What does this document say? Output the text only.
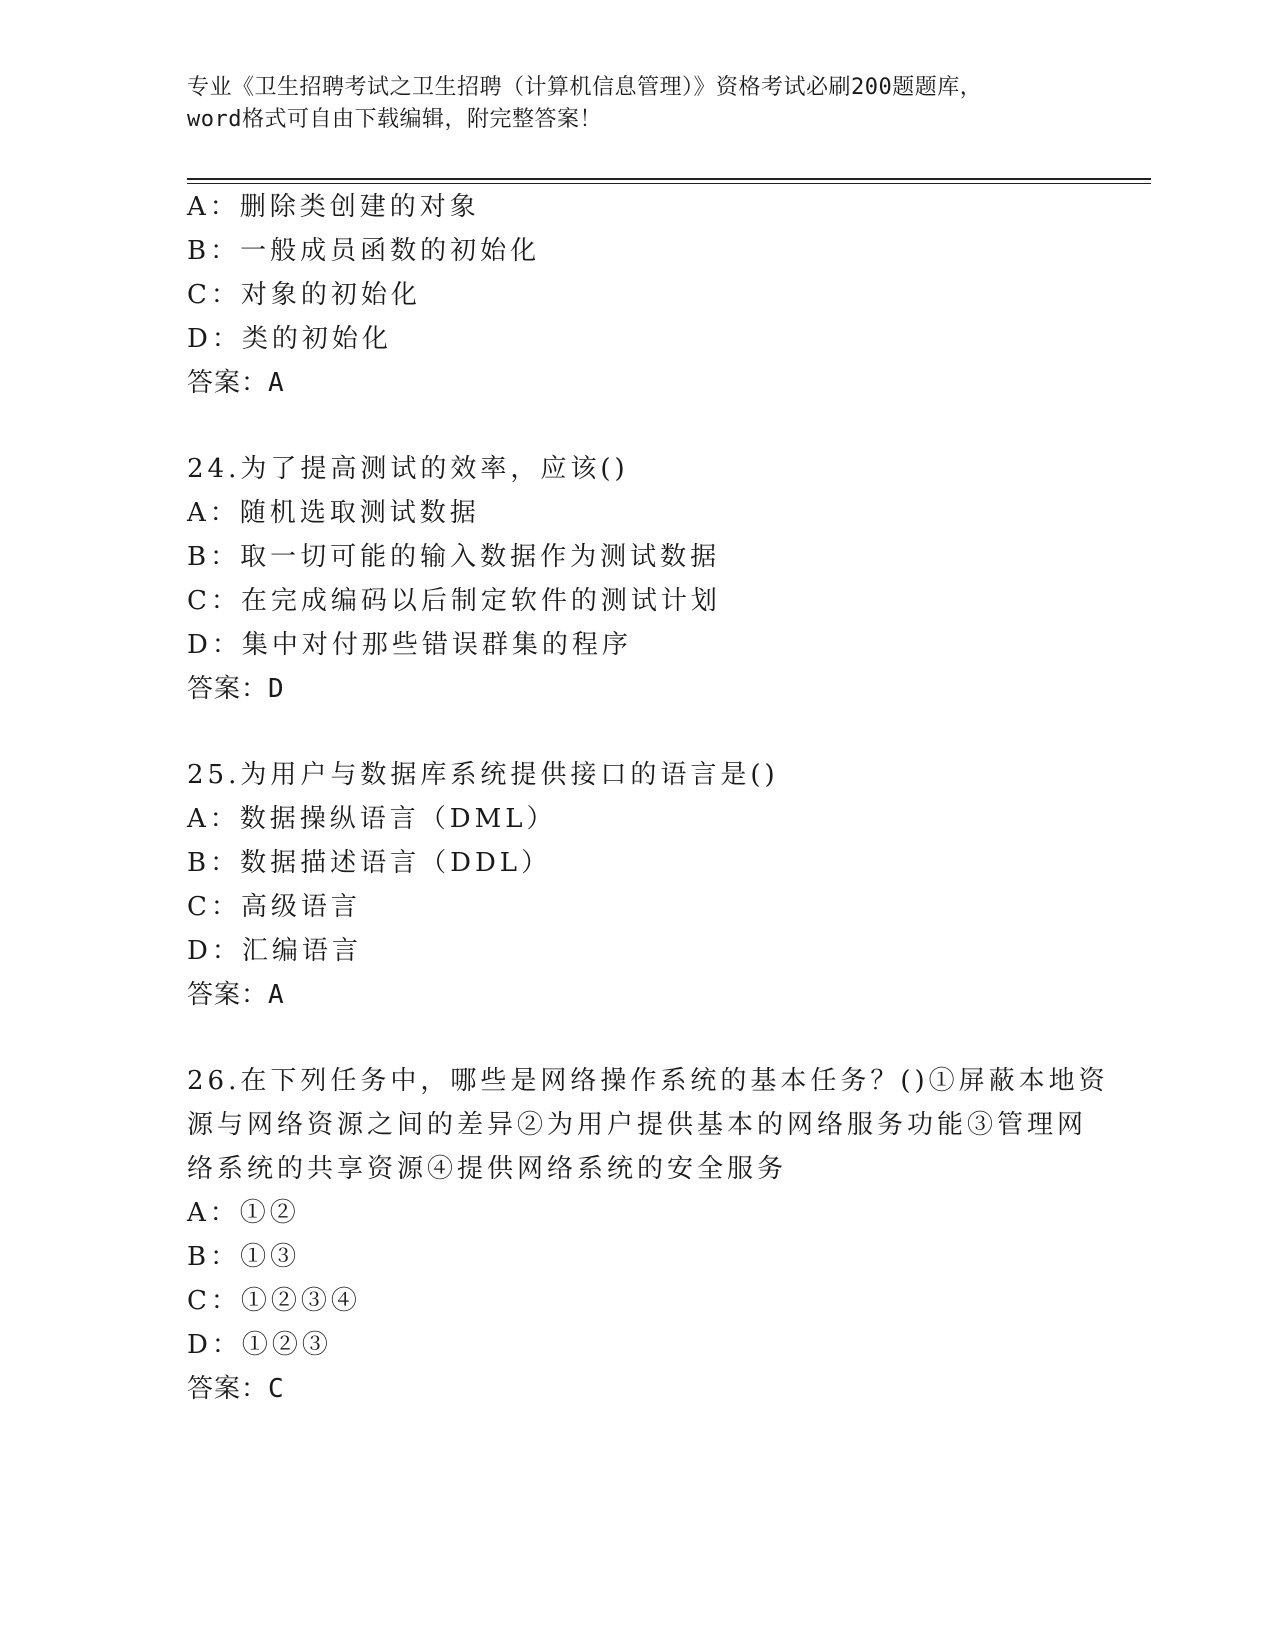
专业《卫生招聘考试之卫生招聘（计算机信息管理）》资格考试必刷200题题库，
word格式可自由下载编辑，附完整答案！
A：删除类创建的对象
B：一般成员函数的初始化
C：对象的初始化
D：类的初始化
答案：A
24.为了提高测试的效率，应该()
A：随机选取测试数据
B：取一切可能的输入数据作为测试数据
C：在完成编码以后制定软件的测试计划
D：集中对付那些错误群集的程序
答案：D
25.为用户与数据库系统提供接口的语言是()
A：数据操纵语言（DML）
B：数据描述语言（DDL）
C：高级语言
D：汇编语言
答案：A
26.在下列任务中，哪些是网络操作系统的基本任务？()①屏蔽本地资
源与网络资源之间的差异②为用户提供基本的网络服务功能③管理网
络系统的共享资源④提供网络系统的安全服务
A：①②
B：①③
C：①②③④
D：①②③
答案：C
